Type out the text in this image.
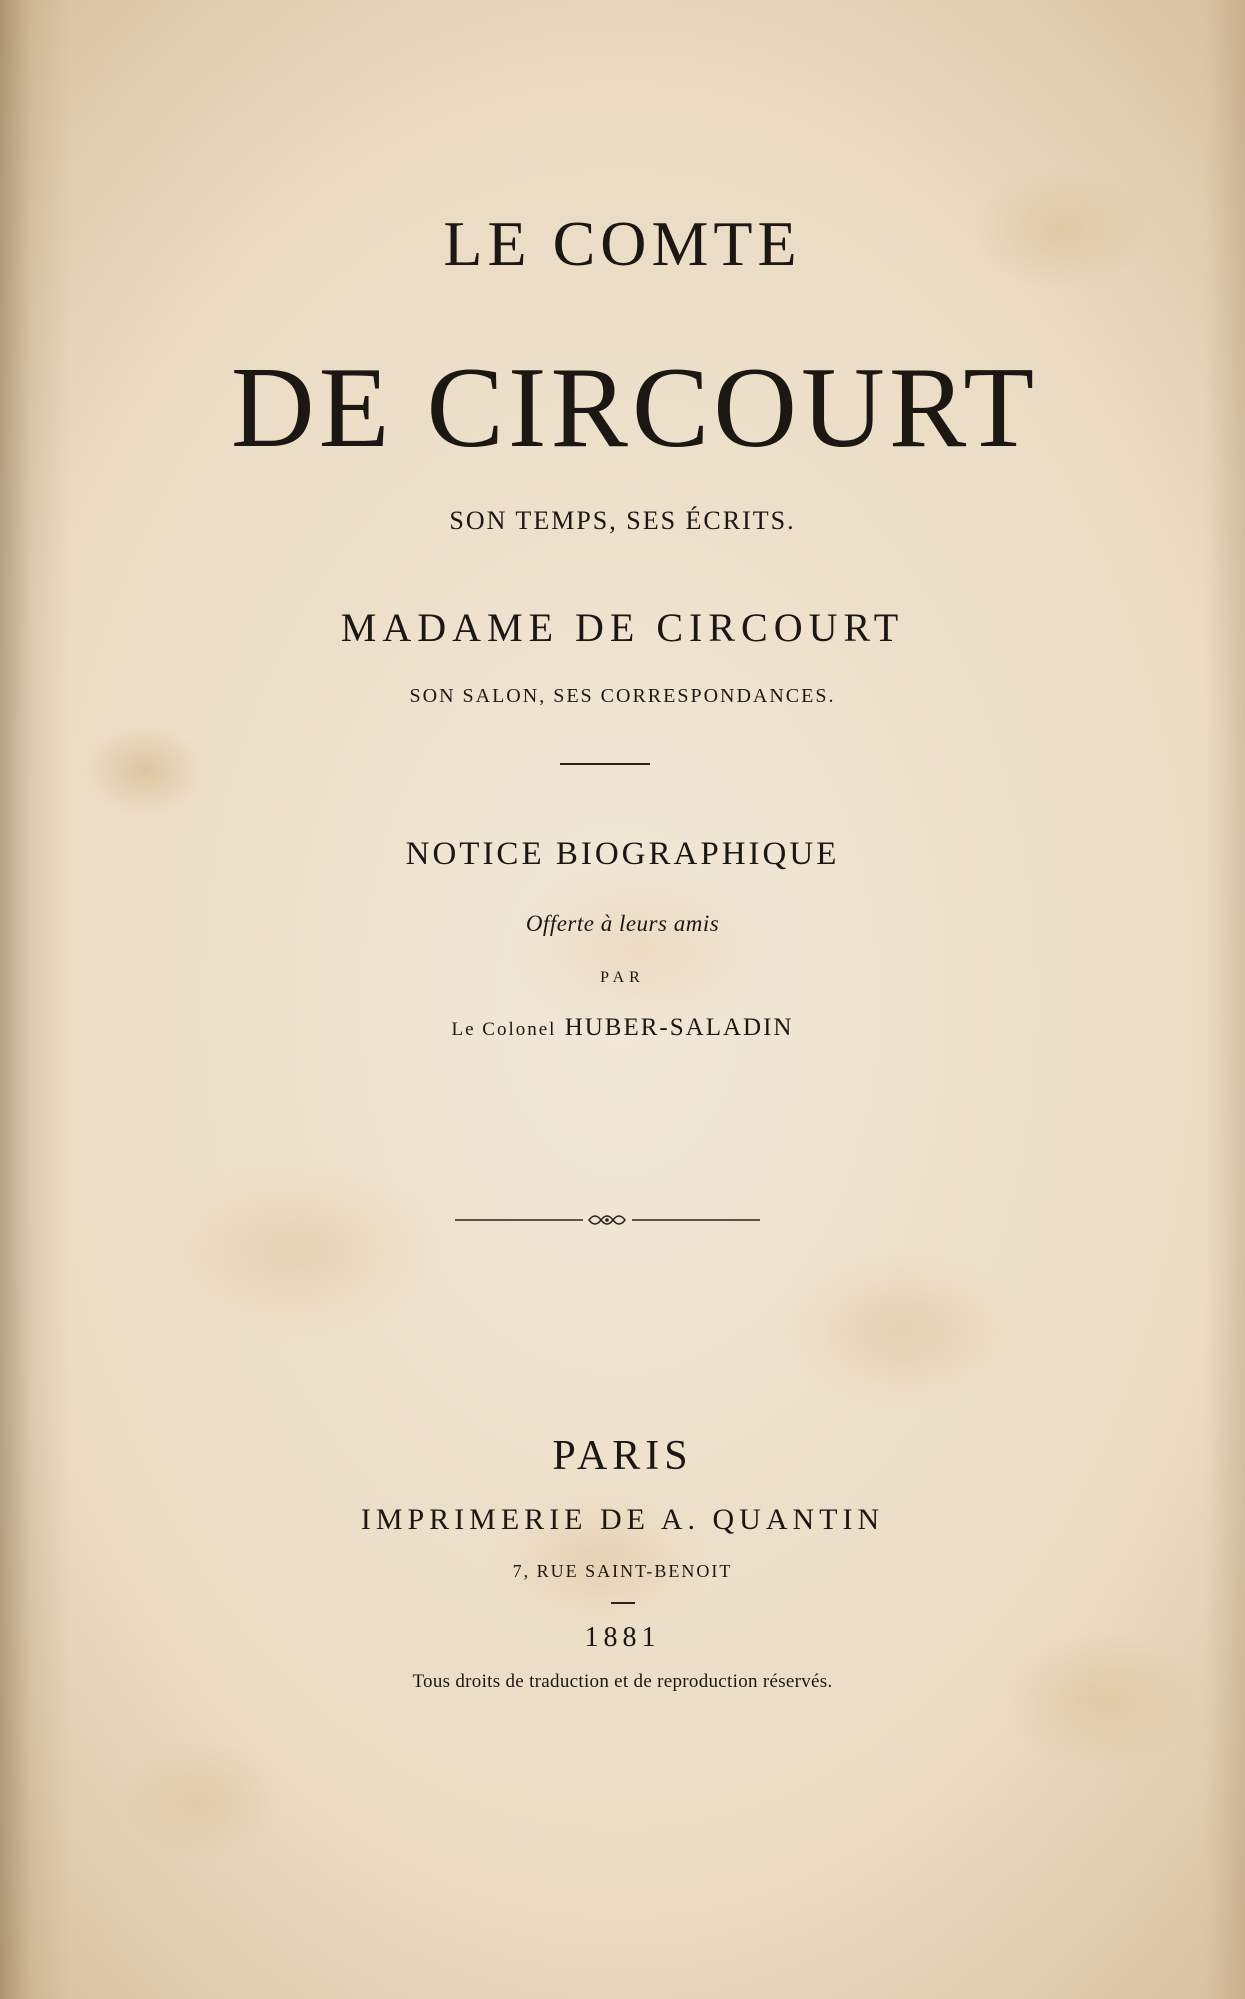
LE COMTE
DE CIRCOURT
SON TEMPS, SES ÉCRITS.
MADAME DE CIRCOURT
SON SALON, SES CORRESPONDANCES.
NOTICE BIOGRAPHIQUE
Offerte à leurs amis
PAR
Le Colonel HUBER-SALADIN
PARIS
IMPRIMERIE DE A. QUANTIN
7, RUE SAINT-BENOIT
1881
Tous droits de traduction et de reproduction réservés.
